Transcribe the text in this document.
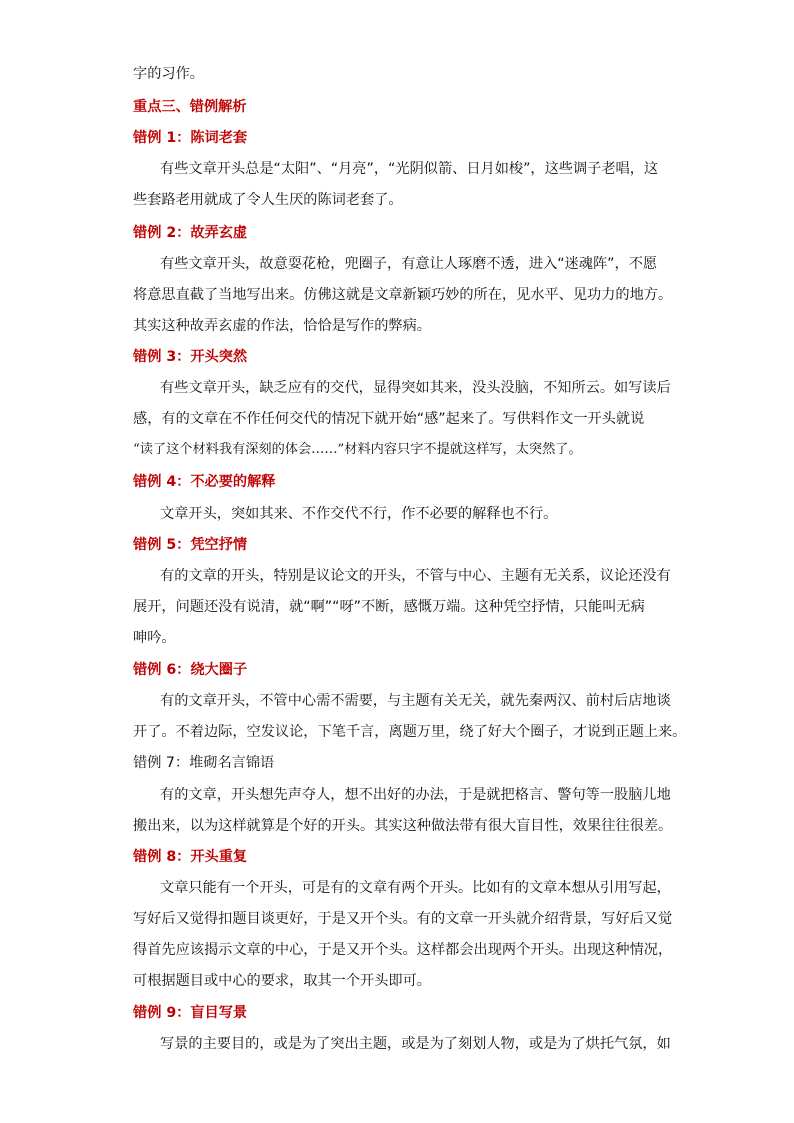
字的习作。
重点三、错例解析
错例 1：陈词老套
有些文章开头总是“太阳”、“月亮”，“光阴似箭、日月如梭”，这些调子老唱，这
些套路老用就成了令人生厌的陈词老套了。
错例 2：故弄玄虚
有些文章开头，故意耍花枪，兜圈子，有意让人琢磨不透，进入“迷魂阵”，不愿
将意思直截了当地写出来。仿佛这就是文章新颖巧妙的所在，见水平、见功力的地方。
其实这种故弄玄虚的作法，恰恰是写作的弊病。
错例 3：开头突然
有些文章开头，缺乏应有的交代，显得突如其来，没头没脑，不知所云。如写读后
感，有的文章在不作任何交代的情况下就开始“感”起来了。写供料作文一开头就说
“读了这个材料我有深刻的体会……”材料内容只字不提就这样写，太突然了。
错例 4：不必要的解释
文章开头，突如其来、不作交代不行，作不必要的解释也不行。
错例 5：凭空抒情
有的文章的开头，特别是议论文的开头，不管与中心、主题有无关系，议论还没有
展开，问题还没有说清，就“啊”“呀”不断，感慨万端。这种凭空抒情，只能叫无病
呻吟。
错例 6：绕大圈子
有的文章开头，不管中心需不需要，与主题有关无关，就先秦两汉、前村后店地谈
开了。不着边际，空发议论，下笔千言，离题万里，绕了好大个圈子，才说到正题上来。
错例 7：堆砌名言锦语
有的文章，开头想先声夺人，想不出好的办法，于是就把格言、警句等一股脑儿地
搬出来，以为这样就算是个好的开头。其实这种做法带有很大盲目性，效果往往很差。
错例 8：开头重复
文章只能有一个开头，可是有的文章有两个开头。比如有的文章本想从引用写起，
写好后又觉得扣题目谈更好，于是又开个头。有的文章一开头就介绍背景，写好后又觉
得首先应该揭示文章的中心，于是又开个头。这样都会出现两个开头。出现这种情况，
可根据题目或中心的要求，取其一个开头即可。
错例 9：盲目写景
写景的主要目的，或是为了突出主题，或是为了刻划人物，或是为了烘托气氛，如
